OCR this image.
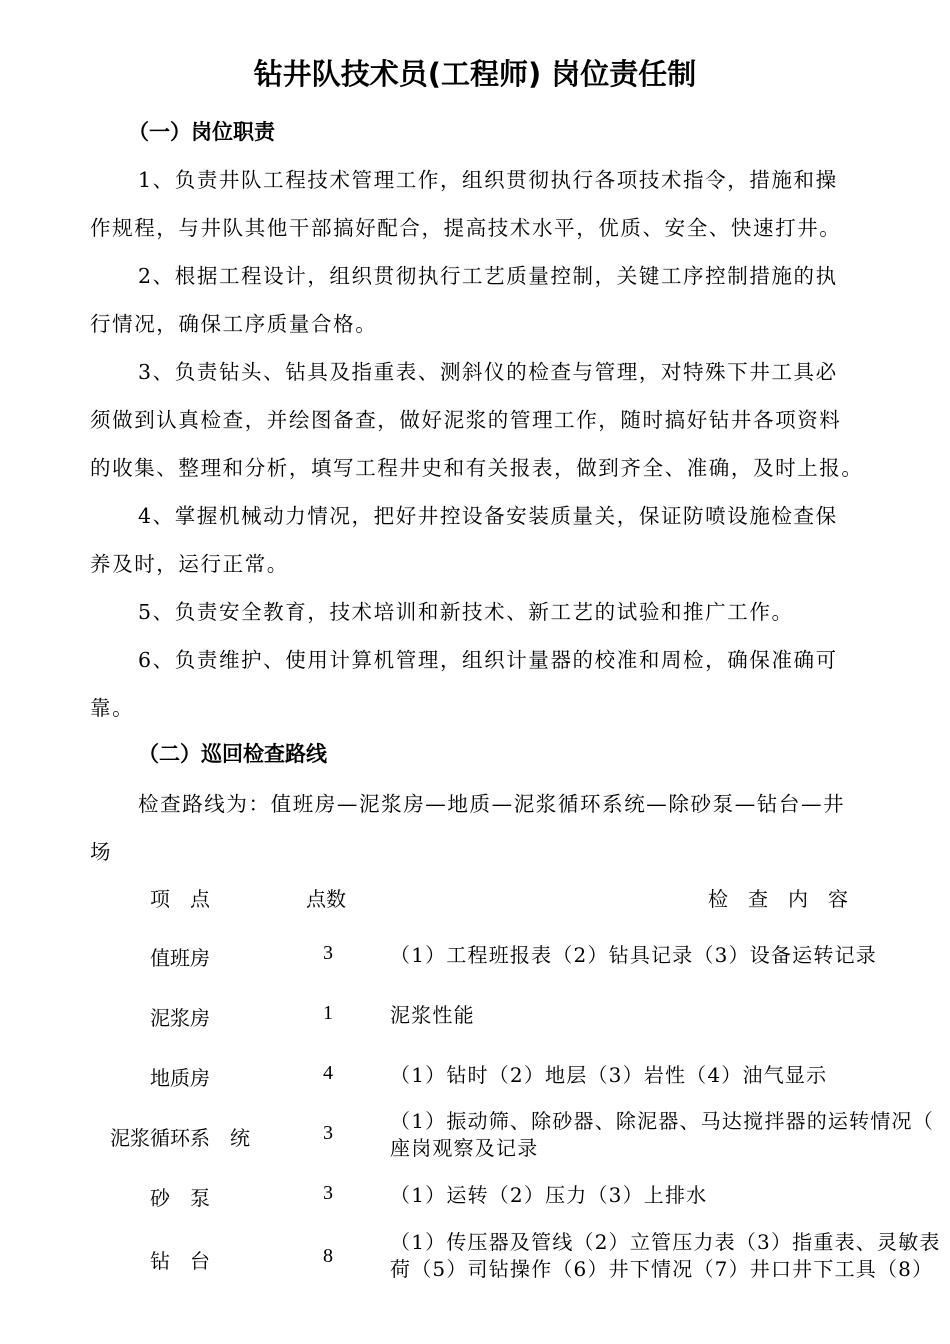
钻井队技术员(工程师) 岗位责任制
（一）岗位职责
1、负责井队工程技术管理工作，组织贯彻执行各项技术指令，措施和操
作规程，与井队其他干部搞好配合，提高技术水平，优质、安全、快速打井。
2、根据工程设计，组织贯彻执行工艺质量控制，关键工序控制措施的执
行情况，确保工序质量合格。
3、负责钻头、钻具及指重表、测斜仪的检查与管理，对特殊下井工具必
须做到认真检查，并绘图备查，做好泥浆的管理工作，随时搞好钻井各项资料
的收集、整理和分析，填写工程井史和有关报表，做到齐全、准确，及时上报。
4、掌握机械动力情况，把好井控设备安装质量关，保证防喷设施检查保
养及时，运行正常。
5、负责安全教育，技术培训和新技术、新工艺的试验和推广工作。
6、负责维护、使用计算机管理，组织计量器的校准和周检，确保准确可
靠。
（二）巡回检查路线
检查路线为：值班房—泥浆房—地质—泥浆循环系统—除砂泵—钻台—井
场
项　点	点数	检　查　内　容
值班房	3	（1）工程班报表（2）钻具记录（3）设备运转记录
泥浆房	1	泥浆性能
地质房	4	（1）钻时（2）地层（3）岩性（4）油气显示
泥浆循环系　统	3	（1）振动筛、除砂器、除泥器、马达搅拌器的运转情况（
座岗观察及记录
砂　泵	3	（1）运转（2）压力（3）上排水
钻　台	8
（1）传压器及管线（2）立管压力表（3）指重表、灵敏表
荷（5）司钻操作（6）井下情况（7）井口井下工具（8）
